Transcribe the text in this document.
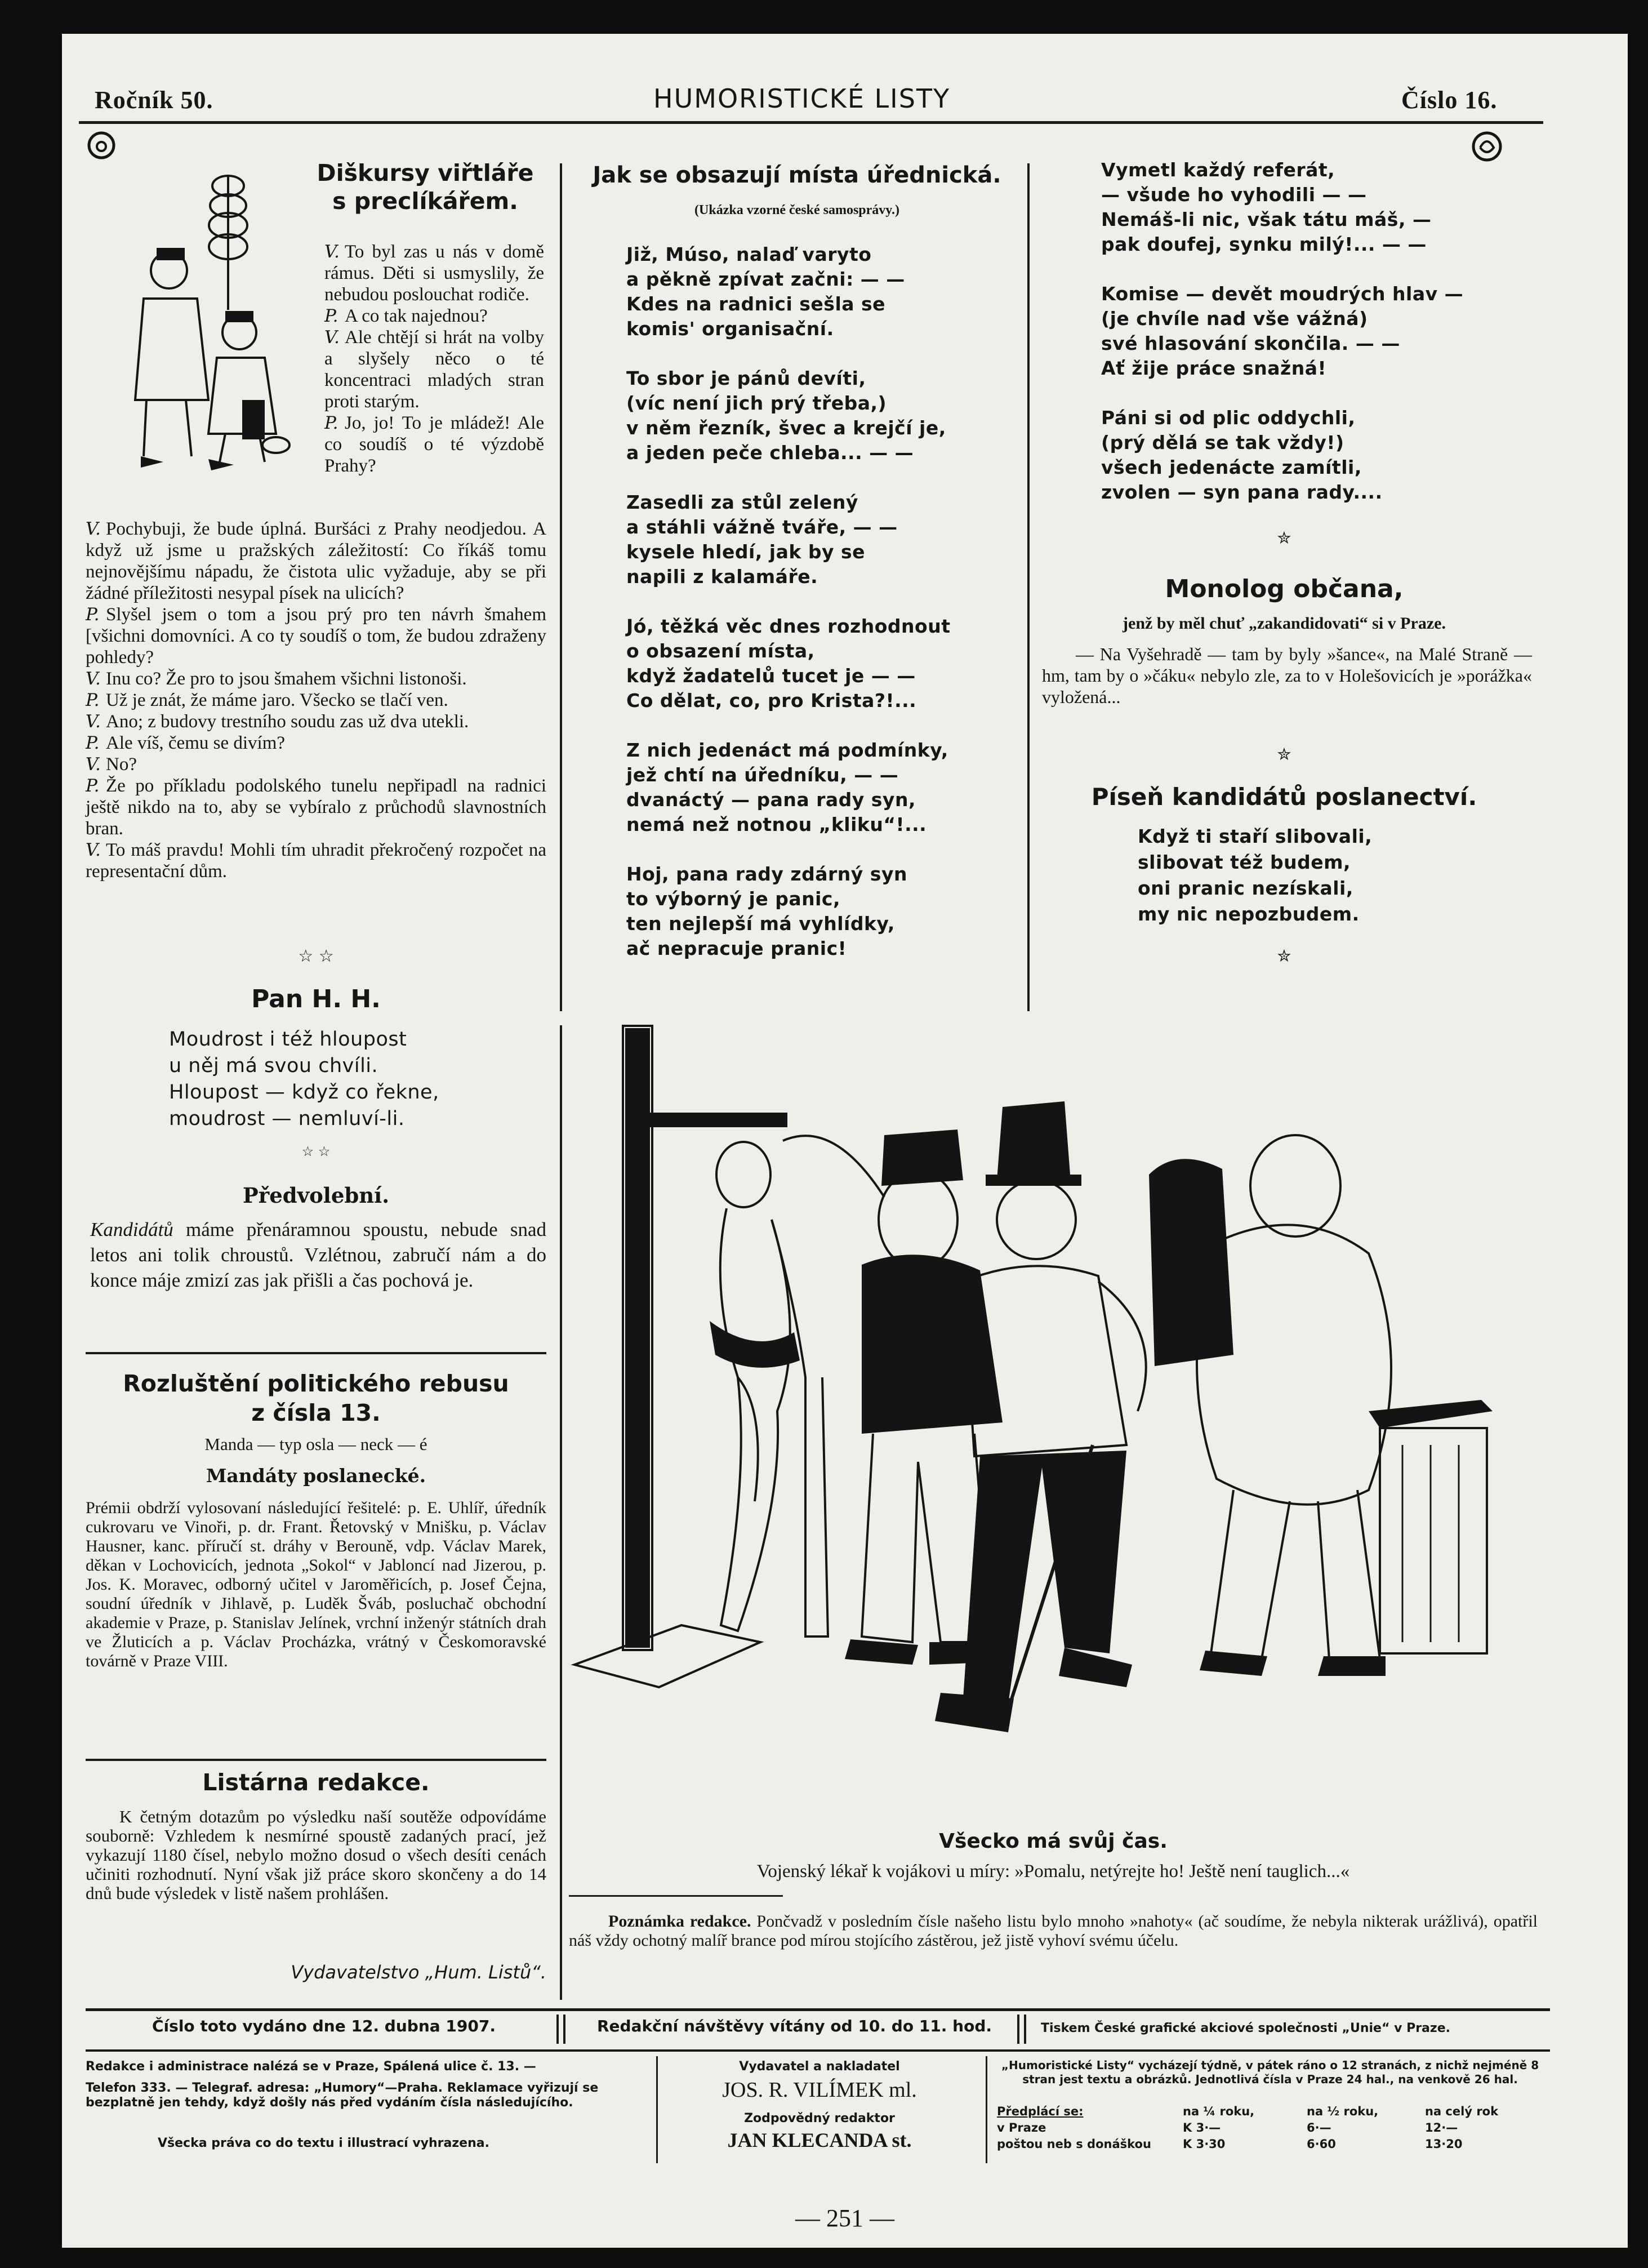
Ročník 50.	HUMORISTICKÉ LISTY	Číslo 16.
Diškursy viřtláře
s preclíkářem.

V. To byl zas u nás v domě rámus. Děti si usmyslily, že nebudou poslouchat rodiče.

P. A co tak najednou?

V. Ale chtějí si hrát na volby a slyšely něco o té koncentraci mladých stran proti starým.

P. Jo, jo! To je mládež! Ale co soudíš o té výzdobě Prahy?

V. Pochybuji, že bude úplná. Buršáci z Prahy neodjedou. A když už jsme u pražských záležitostí: Co říkáš tomu nejnovějšímu nápadu, že čistota ulic vyžaduje, aby se při žádné příležitosti nesypal písek na ulicích?

P. Slyšel jsem o tom a jsou prý pro ten návrh šmahem [všichni domovníci. A co ty soudíš o tom, že budou zdraženy pohledy?

V. Inu co? Že pro to jsou šmahem všichni listonoši.

P. Už je znát, že máme jaro. Všecko se tlačí ven.

V. Ano; z budovy trestního soudu zas už dva utekli.

P. Ale víš, čemu se divím?

V. No?

P. Že po příkladu podolského tunelu nepřipadl na radnici ještě nikdo na to, aby se vybíralo z průchodů slavnostních bran.

V. To máš pravdu! Mohli tím uhradit překročený rozpočet na representační dům.

☆ ☆
Pan H. H.
Moudrost i též hloupost
u něj má svou chvíli.
Hloupost — když co řekne,
moudrost — nemluví-li.
☆ ☆
Předvolební.
Kandidátů máme přenáramnou spoustu, nebude snad letos ani tolik chroustů. Vzlétnou, zabručí nám a do konce máje zmizí zas jak přišli a čas pochová je.
Rozluštění politického rebusu
z čísla 13.
Manda — typ osla — neck — é
Mandáty poslanecké.
Prémii obdrží vylosovaní následující řešitelé: p. E. Uhlíř, úředník cukrovaru ve Vinoři, p. dr. Frant. Řetovský v Mnišku, p. Václav Hausner, kanc. příručí st. dráhy v Berouně, vdp. Václav Marek, děkan v Lochovicích, jednota „Sokol“ v Jabloncí nad Jizerou, p. Jos. K. Moravec, odborný učitel v Jaroměřicích, p. Josef Čejna, soudní úředník v Jihlavě, p. Luděk Šváb, posluchač obchodní akademie v Praze, p. Stanislav Jelínek, vrchní inženýr státních drah ve Žluticích a p. Václav Procházka, vrátný v Českomoravské továrně v Praze VIII.
Listárna redakce.
K četným dotazům po výsledku naší soutěže odpovídáme souborně: Vzhledem k nesmírné spoustě zadaných prací, jež vykazují 1180 čísel, nebylo možno dosud o všech desíti cenách učiniti rozhodnutí. Nyní však již práce skoro skončeny a do 14 dnů bude výsledek v listě našem prohlášen.
Vydavatelstvo „Hum. Listů“.
Jak se obsazují místa úřednická.
(Ukázka vzorné české samosprávy.)

Již, Múso, nalaď varyto
a pěkně zpívat začni: — —
Kdes na radnici sešla se
komis' organisační.

To sbor je pánů devíti,
(víc není jich prý třeba,)
v něm řezník, švec a krejčí je,
a jeden peče chleba... — —

Zasedli za stůl zelený
a stáhli vážně tváře, — —
kysele hledí, jak by se
napili z kalamáře.

Jó, těžká věc dnes rozhodnout
o obsazení místa,
když žadatelů tucet je — —
Co dělat, co, pro Krista?!...

Z nich jedenáct má podmínky,
jež chtí na úředníku, — —
dvanáctý — pana rady syn,
nemá než notnou „kliku“!...

Hoj, pana rady zdárný syn
to výborný je panic,
ten nejlepší má vyhlídky,
ač nepracuje pranic!

Vymetl každý referát,
— všude ho vyhodili — —
Nemáš-li nic, však tátu máš, —
pak doufej, synku milý!... — —

Komise — devět moudrých hlav —
(je chvíle nad vše vážná)
své hlasování skončila. — —
Ať žije práce snažná!

Páni si od plic oddychli,
(prý dělá se tak vždy!)
všech jedenácte zamítli,
zvolen — syn pana rady....

✮
Monolog občana,
jenž by měl chuť „zakandidovati“ si v Praze.
— Na Vyšehradě — tam by byly »šance«, na Malé Straně — hm, tam by o »čáku« nebylo zle, za to v Holešovicích je »porážka« vyložená...
✮
Píseň kandidátů poslanectví.
Když ti staří slibovali,
slibovat též budem,
oni pranic nezískali,
my nic nepozbudem.
✮
Všecko má svůj čas.
Vojenský lékař k vojákovi u míry: »Pomalu, netýrejte ho! Ještě není tauglich...«
Poznámka redakce. Pončvadž v posledním čísle našeho listu bylo mnoho »nahoty« (ač soudíme, že nebyla nikterak urážlivá), opatřil náš vždy ochotný malíř brance pod mírou stojícího zástěrou, jež jistě vyhoví svému účelu.
Číslo toto vydáno dne 12. dubna 1907.	Redakční návštěvy vítány od 10. do 11. hod.	Tiskem České grafické akciové společnosti „Unie“ v Praze.
Redakce i administrace nalézá se v Praze, Spálená ulice č. 13. —
Telefon 333. — Telegraf. adresa: „Humory“—Praha. Reklamace vyřizují se bezplatně jen tehdy, když došly nás před vydáním čísla následujícího.
Všecka práva co do textu i illustrací vyhrazena.
Vydavatel a nakladatel
JOS. R. VILÍMEK ml.
Zodpovědný redaktor
JAN KLECANDA st.
„Humoristické Listy“ vycházejí týdně, v pátek ráno o 12 stranách, z nichž nejméně 8 stran jest textu a obrázků. Jednotlivá čísla v Praze 24 hal., na venkově 26 hal.
Předplácí se:	na ¼ roku,	na ½ roku,	na celý rok
v Praze	K 3·—	6·—	12·—
poštou neb s donáškou	K 3·30	6·60	13·20
— 251 —
